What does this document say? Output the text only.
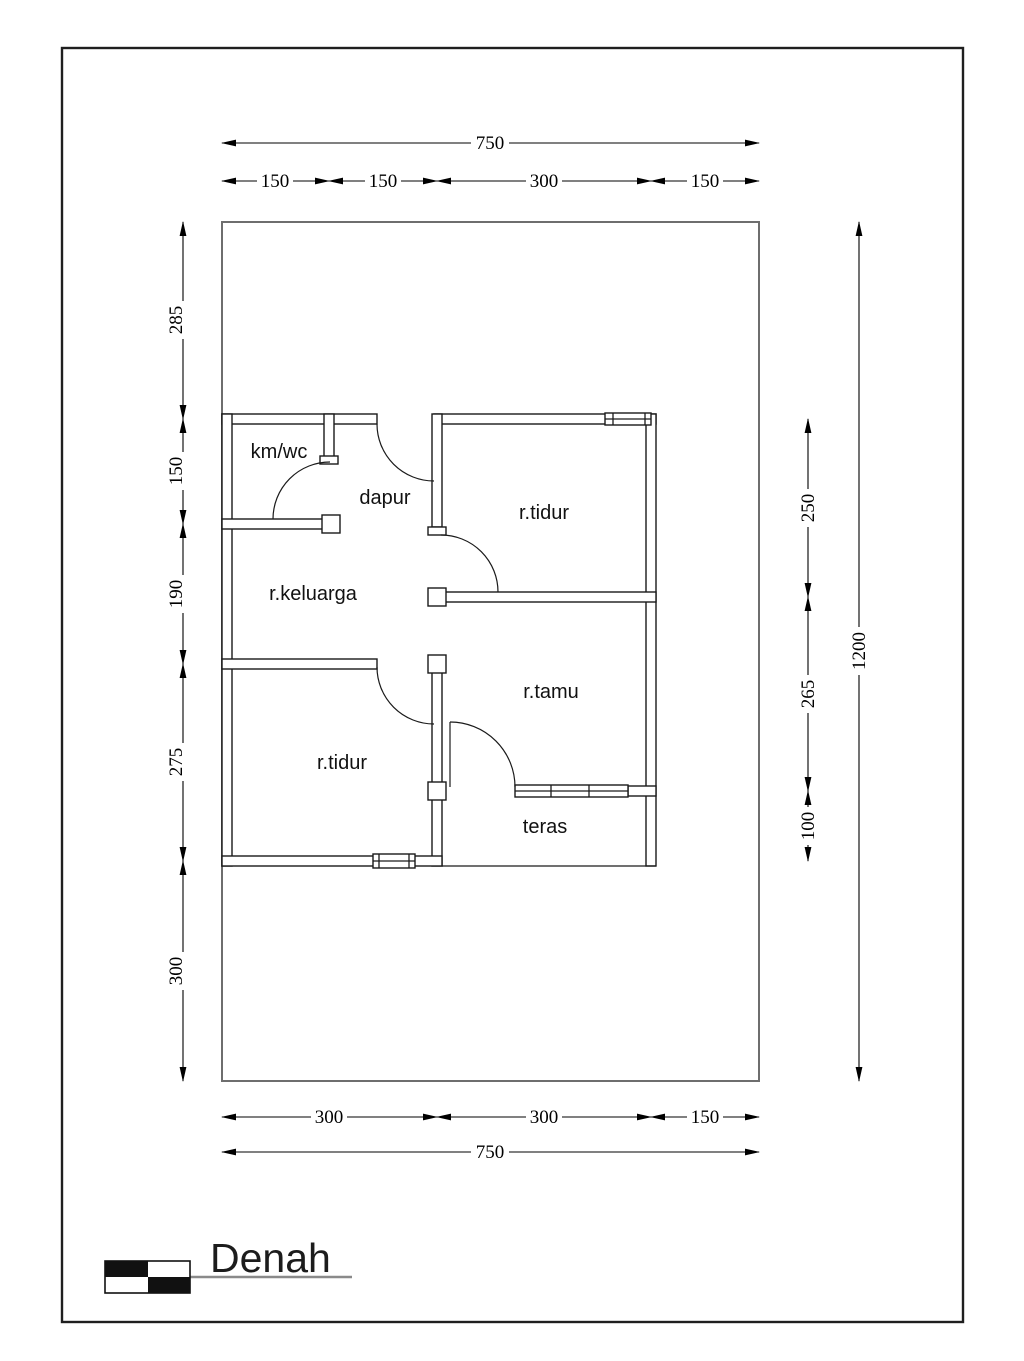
km/wc
dapur
r.tidur
r.keluarga
r.tamu
r.tidur
teras
750
150	150	300	150
285
150
190
275
300
250
265
100
1200
300	300	150
750
Denah
